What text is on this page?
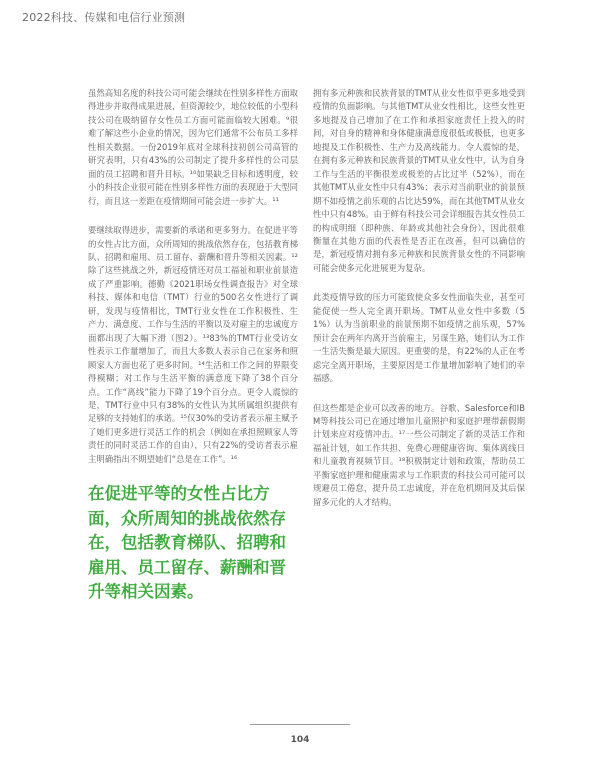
2022科技、传媒和电信行业预测

虽然高知名度的科技公司可能会继续在性别多样性方面取得进步并取得成果进展，但资源较少，地位较低的小型科技公司在吸纳留存女性员工方面可能面临较大困难。⁹很难了解这些小企业的情况，因为它们通常不公布员工多样性相关数据。一份2019年底对全球科技初创公司高管的研究表明，只有43%的公司制定了提升多样性的公司层面的员工招聘和晋升目标。¹⁰如果缺乏目标和透明度，较小的科技企业很可能在性别多样性方面的表现逊于大型同行，而且这一差距在疫情期间可能会进一步扩大。¹¹

要继续取得进步，需要新的承诺和更多努力。在促进平等的女性占比方面，众所周知的挑战依然存在，包括教育梯队、招聘和雇用、员工留存、薪酬和晋升等相关因素。¹²除了这些挑战之外，新冠疫情还对员工福祉和职业前景造成了严重影响。德勤《2021职场女性调查报告》对全球科技、媒体和电信（TMT）行业的500名女性进行了调研，发现与疫情相比，TMT行业女性在工作积极性、生产力、满意度、工作与生活的平衡以及对雇主的忠诚度方面都出现了大幅下滑（图2）。¹³83%的TMT行业受访女性表示工作量增加了，而且大多数人表示自己在家务和照顾家人方面也花了更多时间。¹⁴生活和工作之间的界限变得模糊；对工作与生活平衡的满意度下降了38个百分点。工作“离线”能力下降了19个百分点。更令人震惊的是，TMT行业中只有38%的女性认为其所属组织提供有足够的支持她们的承诺。¹⁵仅30%的受访者表示雇主赋予了她们更多进行灵活工作的机会（例如在承担照顾家人等责任的同时灵活工作的自由），只有22%的受访者表示雇主明确指出不期望她们“总是在工作”。¹⁶

在促进平等的女性占比方面，众所周知的挑战依然存在，包括教育梯队、招聘和雇用、员工留存、薪酬和晋升等相关因素。

拥有多元种族和民族背景的TMT从业女性似乎更多地受到疫情的负面影响。与其他TMT从业女性相比，这些女性更多地提及自己增加了在工作和承担家庭责任上投入的时间，对自身的精神和身体健康满意度很低或极低，也更多地提及工作积极性、生产力及离线能力。令人震惊的是，在拥有多元种族和民族背景的TMT从业女性中，认为自身工作与生活的平衡很差或极差的占比过半（52%），而在其他TMT从业女性中只有43%；表示对当前职业的前景预期不如疫情之前乐观的占比达59%，而在其他TMT从业女性中只有48%。由于鲜有科技公司会详细报告其女性员工的构成明细（即种族、年龄或其他社会身份），因此很难衡量在其他方面的代表性是否正在改善，但可以确信的是，新冠疫情对拥有多元种族和民族背景女性的不同影响可能会使多元化进展更为复杂。

此类疫情导致的压力可能致使众多女性面临失业，甚至可能促使一些人完全离开职场。TMT从业女性中多数（51%）认为当前职业的前景预期不如疫情之前乐观，57%预计会在两年内离开当前雇主，另谋生路，她们认为工作一生活失衡是最大原因。更重要的是，有22%的人正在考虑完全离开职场，主要原因是工作量增加影响了她们的幸福感。

但这些都是企业可以改善的地方。谷歌、Salesforce和IBM等科技公司已在通过增加儿童照护和家庭护理带薪假期计划来应对疫情冲击。¹⁷一些公司制定了新的灵活工作和福祉计划，如工作共担、免费心理健康咨询、集体离线日和儿童教育视频节目。¹⁸积极制定计划和政策，帮助员工平衡家庭护理和健康需求与工作职责的科技公司可能可以规避员工倦怠，提升员工忠诚度，并在危机期间及其后保留多元化的人才结构。

104
